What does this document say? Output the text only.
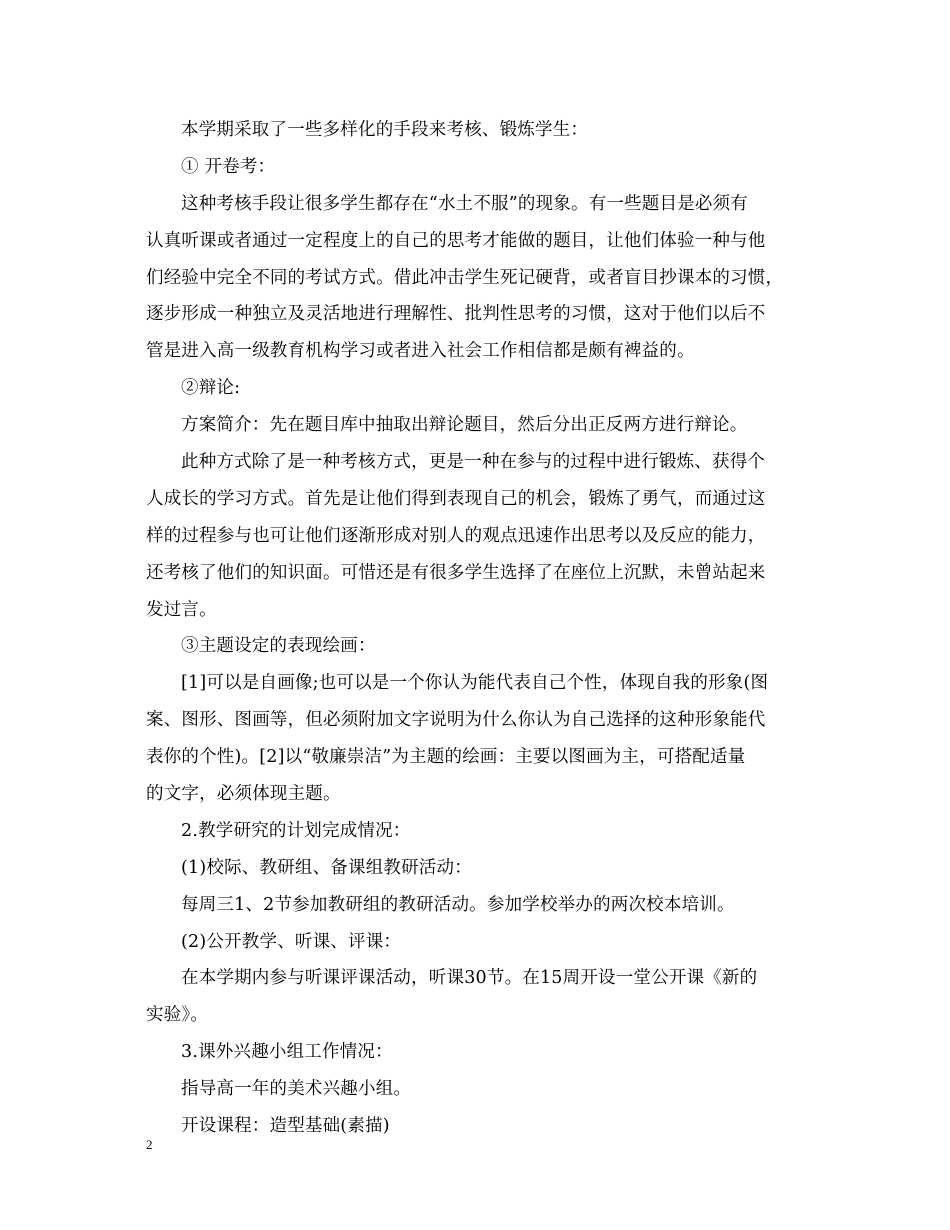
本学期采取了一些多样化的手段来考核、锻炼学生：
① 开卷考：
这种考核手段让很多学生都存在“水土不服”的现象。有一些题目是必须有
认真听课或者通过一定程度上的自己的思考才能做的题目，让他们体验一种与他
们经验中完全不同的考试方式。借此冲击学生死记硬背，或者盲目抄课本的习惯，
逐步形成一种独立及灵活地进行理解性、批判性思考的习惯，这对于他们以后不
管是进入高一级教育机构学习或者进入社会工作相信都是颇有裨益的。
②辩论:
方案简介：先在题目库中抽取出辩论题目，然后分出正反两方进行辩论。
此种方式除了是一种考核方式，更是一种在参与的过程中进行锻炼、获得个
人成长的学习方式。首先是让他们得到表现自己的机会，锻炼了勇气，而通过这
样的过程参与也可让他们逐渐形成对别人的观点迅速作出思考以及反应的能力，
还考核了他们的知识面。可惜还是有很多学生选择了在座位上沉默，未曾站起来
发过言。
③主题设定的表现绘画：
[1]可以是自画像;也可以是一个你认为能代表自己个性，体现自我的形象(图
案、图形、图画等，但必须附加文字说明为什么你认为自己选择的这种形象能代
表你的个性)。[2]以“敬廉崇洁”为主题的绘画：主要以图画为主，可搭配适量
的文字，必须体现主题。
2.教学研究的计划完成情况：
(1)校际、教研组、备课组教研活动：
每周三1、2节参加教研组的教研活动。参加学校举办的两次校本培训。
(2)公开教学、听课、评课：
在本学期内参与听课评课活动，听课30节。在15周开设一堂公开课《新的
实验》。
3.课外兴趣小组工作情况：
指导高一年的美术兴趣小组。
开设课程：造型基础(素描)
2
